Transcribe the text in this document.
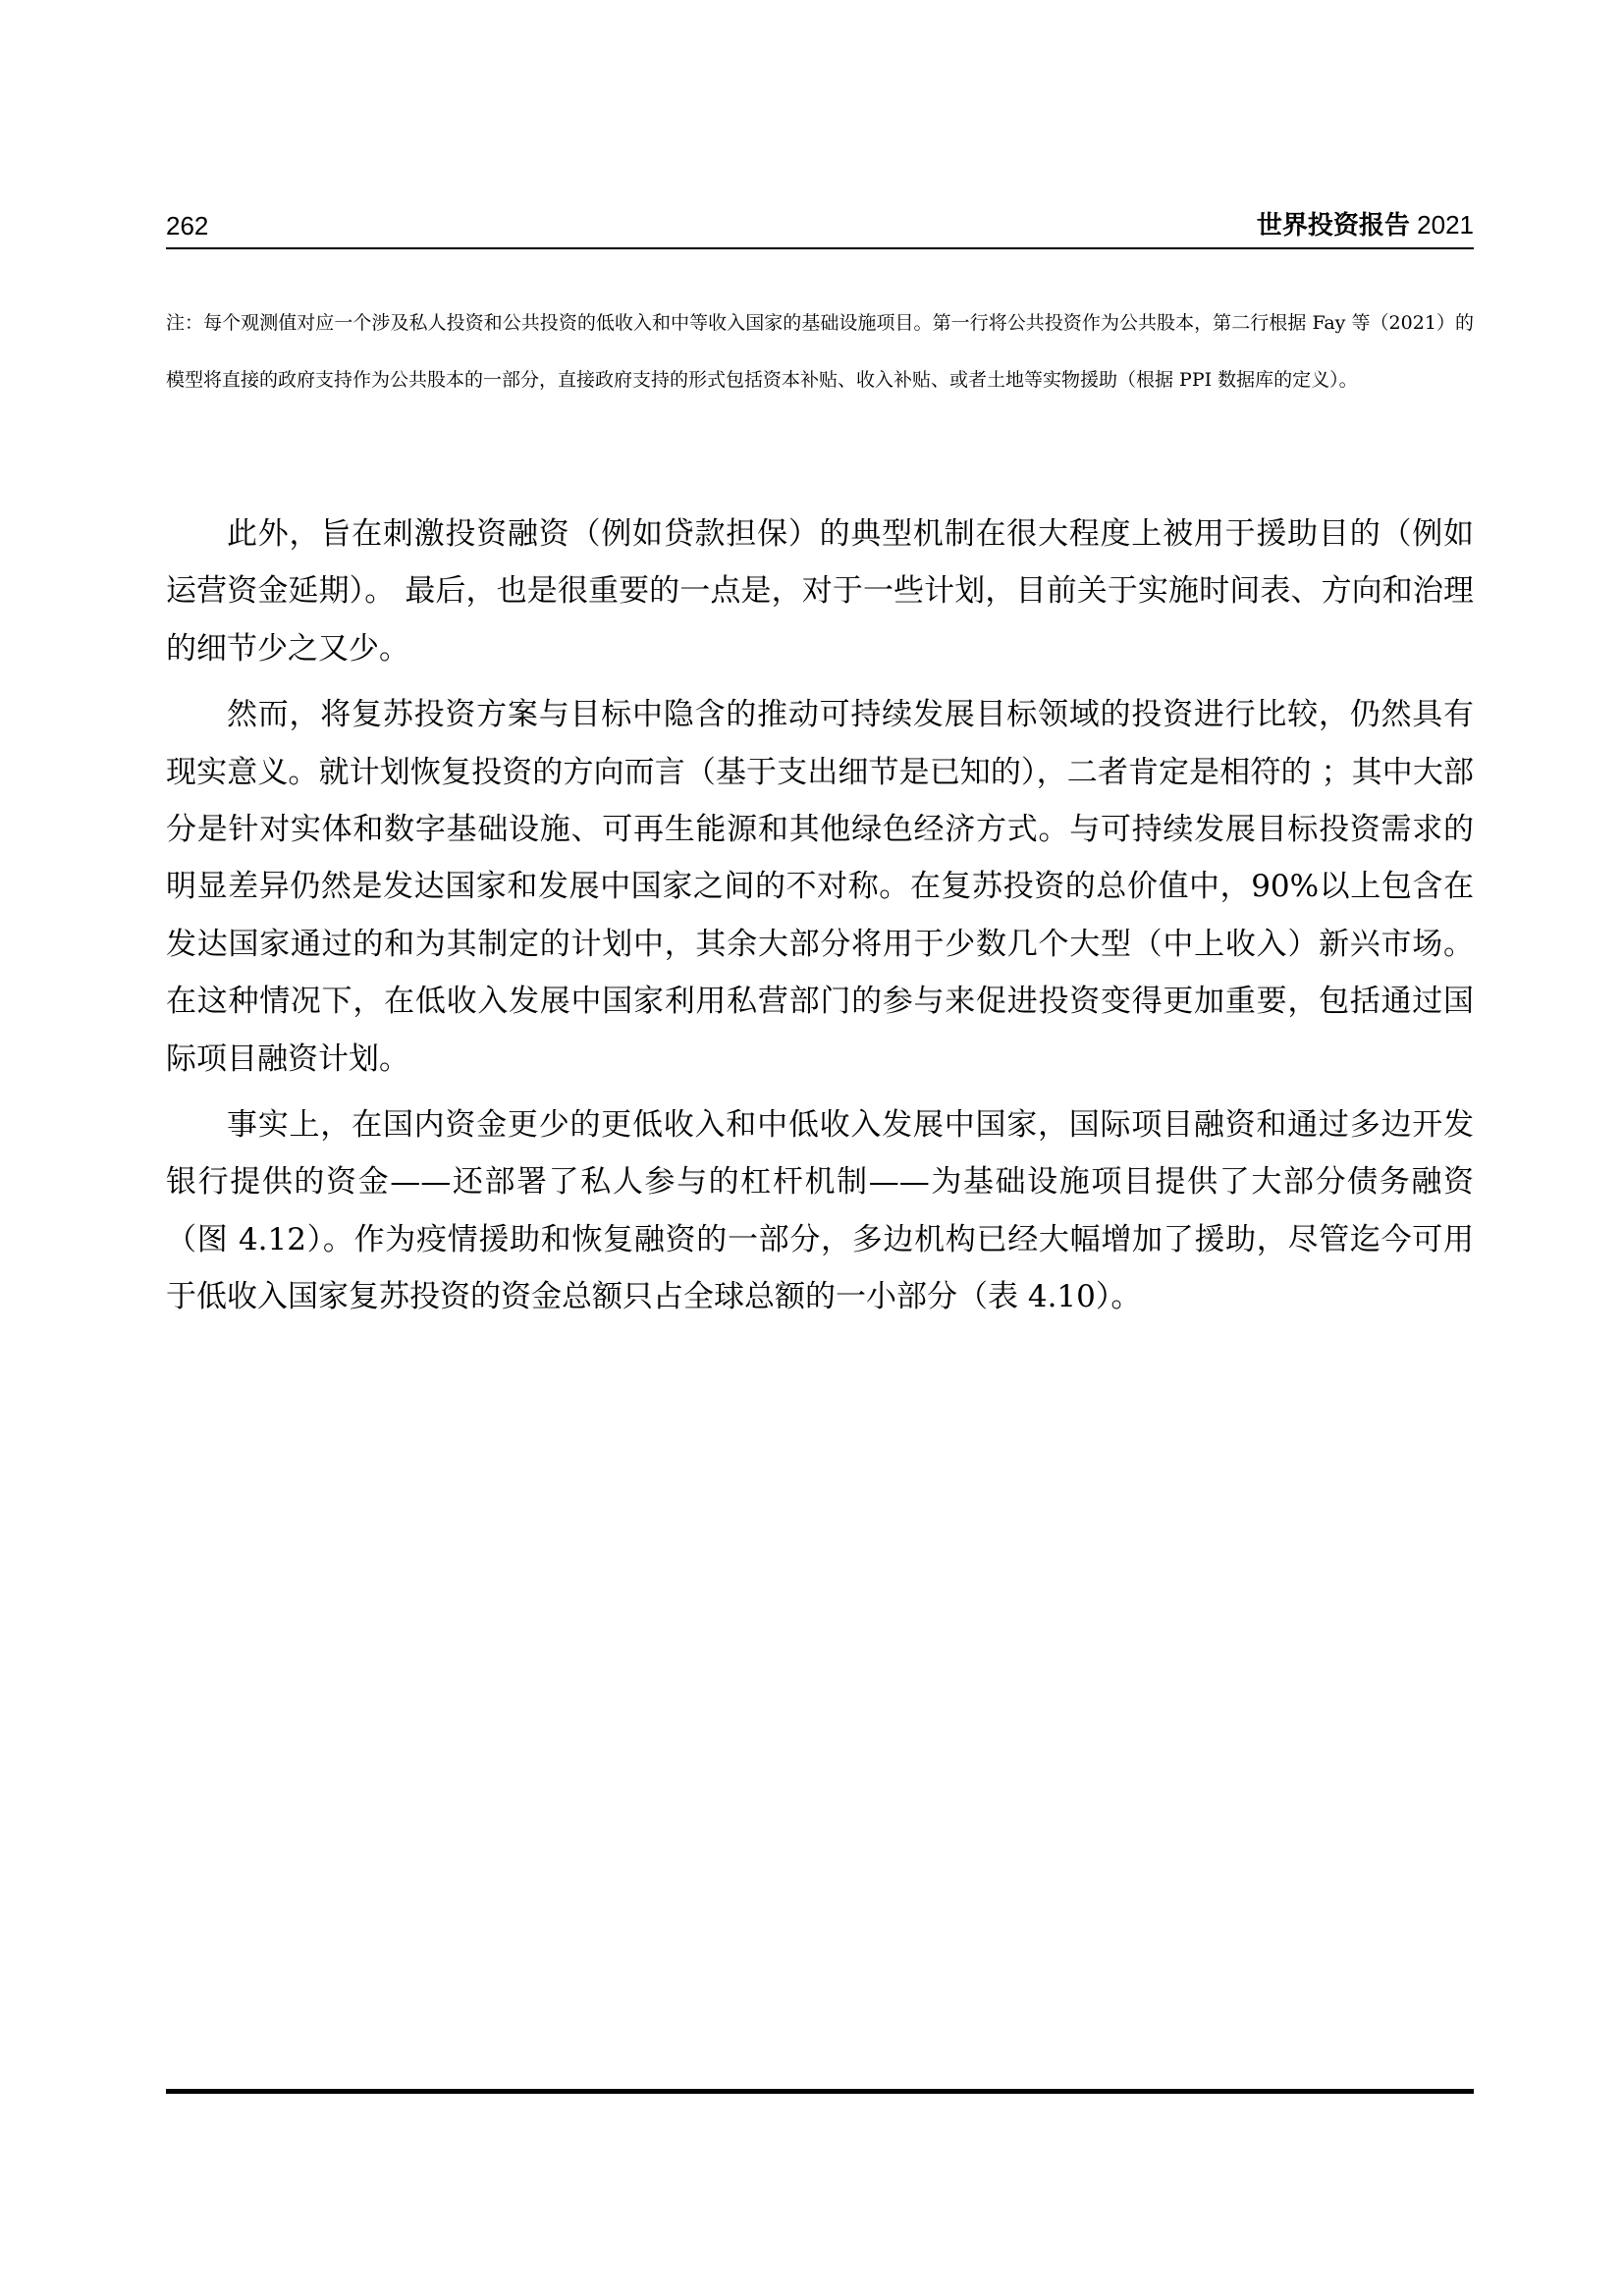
262	世界投资报告 2021
注：每个观测值对应一个涉及私人投资和公共投资的低收入和中等收入国家的基础设施项目。第一行将公共投资作为公共股本，第二行根据 Fay 等（2021）的模型将直接的政府支持作为公共股本的一部分，直接政府支持的形式包括资本补贴、收入补贴、或者土地等实物援助（根据 PPI 数据库的定义）。

此外，旨在刺激投资融资（例如贷款担保）的典型机制在很大程度上被用于援助目的（例如运营资金延期）。 最后，也是很重要的一点是，对于一些计划，目前关于实施时间表、方向和治理的细节少之又少。

然而，将复苏投资方案与目标中隐含的推动可持续发展目标领域的投资进行比较，仍然具有现实意义。就计划恢复投资的方向而言（基于支出细节是已知的），二者肯定是相符的 ；其中大部分是针对实体和数字基础设施、可再生能源和其他绿色经济方式。与可持续发展目标投资需求的明显差异仍然是发达国家和发展中国家之间的不对称。在复苏投资的总价值中，90%以上包含在发达国家通过的和为其制定的计划中，其余大部分将用于少数几个大型（中上收入）新兴市场。在这种情况下，在低收入发展中国家利用私营部门的参与来促进投资变得更加重要，包括通过国际项目融资计划。

事实上，在国内资金更少的更低收入和中低收入发展中国家，国际项目融资和通过多边开发银行提供的资金——还部署了私人参与的杠杆机制——为基础设施项目提供了大部分债务融资（图 4.12）。作为疫情援助和恢复融资的一部分，多边机构已经大幅增加了援助，尽管迄今可用于低收入国家复苏投资的资金总额只占全球总额的一小部分（表 4.10）。
